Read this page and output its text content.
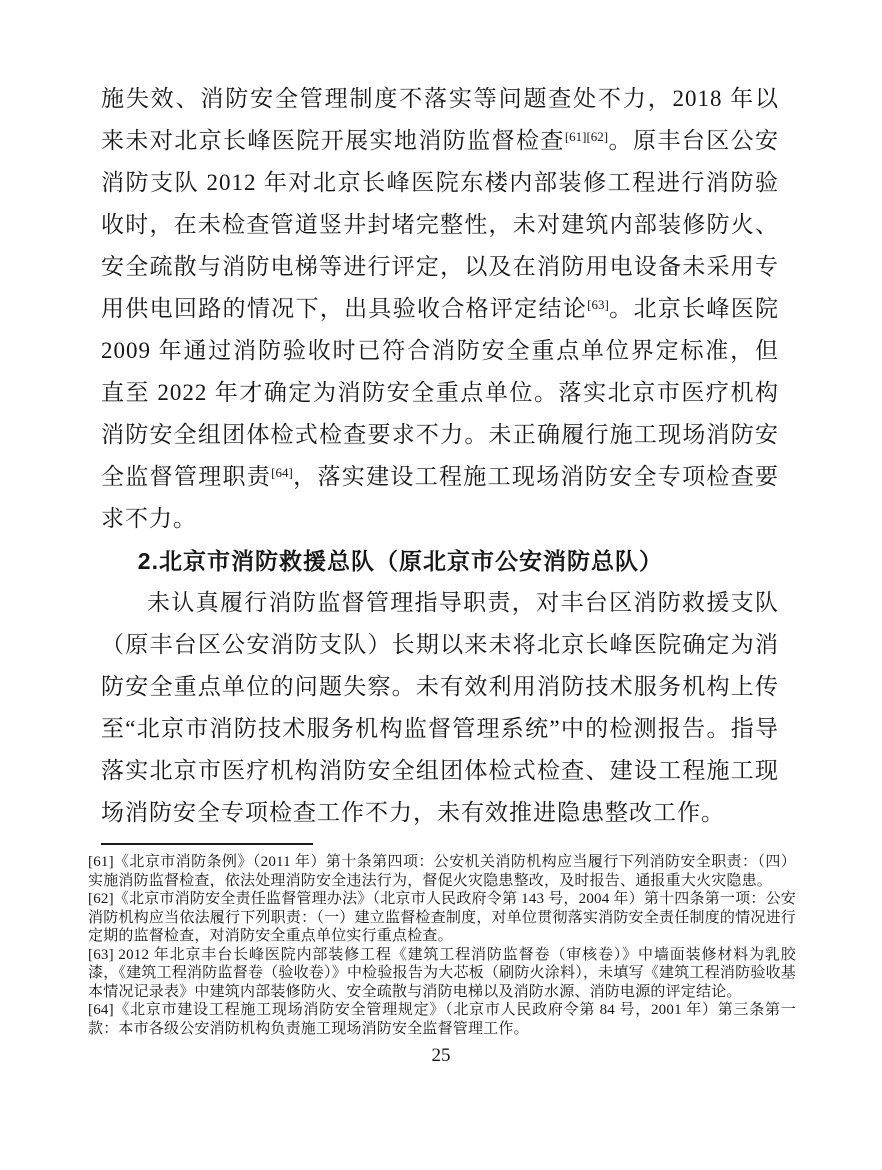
施失效、消防安全管理制度不落实等问题查处不力，2018 年以来未对北京长峰医院开展实地消防监督检查[61][62]。原丰台区公安消防支队 2012 年对北京长峰医院东楼内部装修工程进行消防验收时，在未检查管道竖井封堵完整性，未对建筑内部装修防火、安全疏散与消防电梯等进行评定，以及在消防用电设备未采用专用供电回路的情况下，出具验收合格评定结论[63]。北京长峰医院 2009 年通过消防验收时已符合消防安全重点单位界定标准，但直至 2022 年才确定为消防安全重点单位。落实北京市医疗机构消防安全组团体检式检查要求不力。未正确履行施工现场消防安全监督管理职责[64]，落实建设工程施工现场消防安全专项检查要求不力。

2.北京市消防救援总队（原北京市公安消防总队）

未认真履行消防监督管理指导职责，对丰台区消防救援支队（原丰台区公安消防支队）长期以来未将北京长峰医院确定为消防安全重点单位的问题失察。未有效利用消防技术服务机构上传至“北京市消防技术服务机构监督管理系统”中的检测报告。指导落实北京市医疗机构消防安全组团体检式检查、建设工程施工现场消防安全专项检查工作不力，未有效推进隐患整改工作。

[61]《北京市消防条例》（2011 年）第十条第四项：公安机关消防机构应当履行下列消防安全职责：（四）实施消防监督检查，依法处理消防安全违法行为，督促火灾隐患整改，及时报告、通报重大火灾隐患。

[62]《北京市消防安全责任监督管理办法》（北京市人民政府令第 143 号，2004 年）第十四条第一项：公安消防机构应当依法履行下列职责：（一）建立监督检查制度，对单位贯彻落实消防安全责任制度的情况进行定期的监督检查，对消防安全重点单位实行重点检查。

[63] 2012 年北京丰台长峰医院内部装修工程《建筑工程消防监督卷（审核卷）》中墙面装修材料为乳胶漆，《建筑工程消防监督卷（验收卷）》中检验报告为大芯板（刷防火涂料），未填写《建筑工程消防验收基本情况记录表》中建筑内部装修防火、安全疏散与消防电梯以及消防水源、消防电源的评定结论。

[64]《北京市建设工程施工现场消防安全管理规定》（北京市人民政府令第 84 号，2001 年）第三条第一款：本市各级公安消防机构负责施工现场消防安全监督管理工作。

25
